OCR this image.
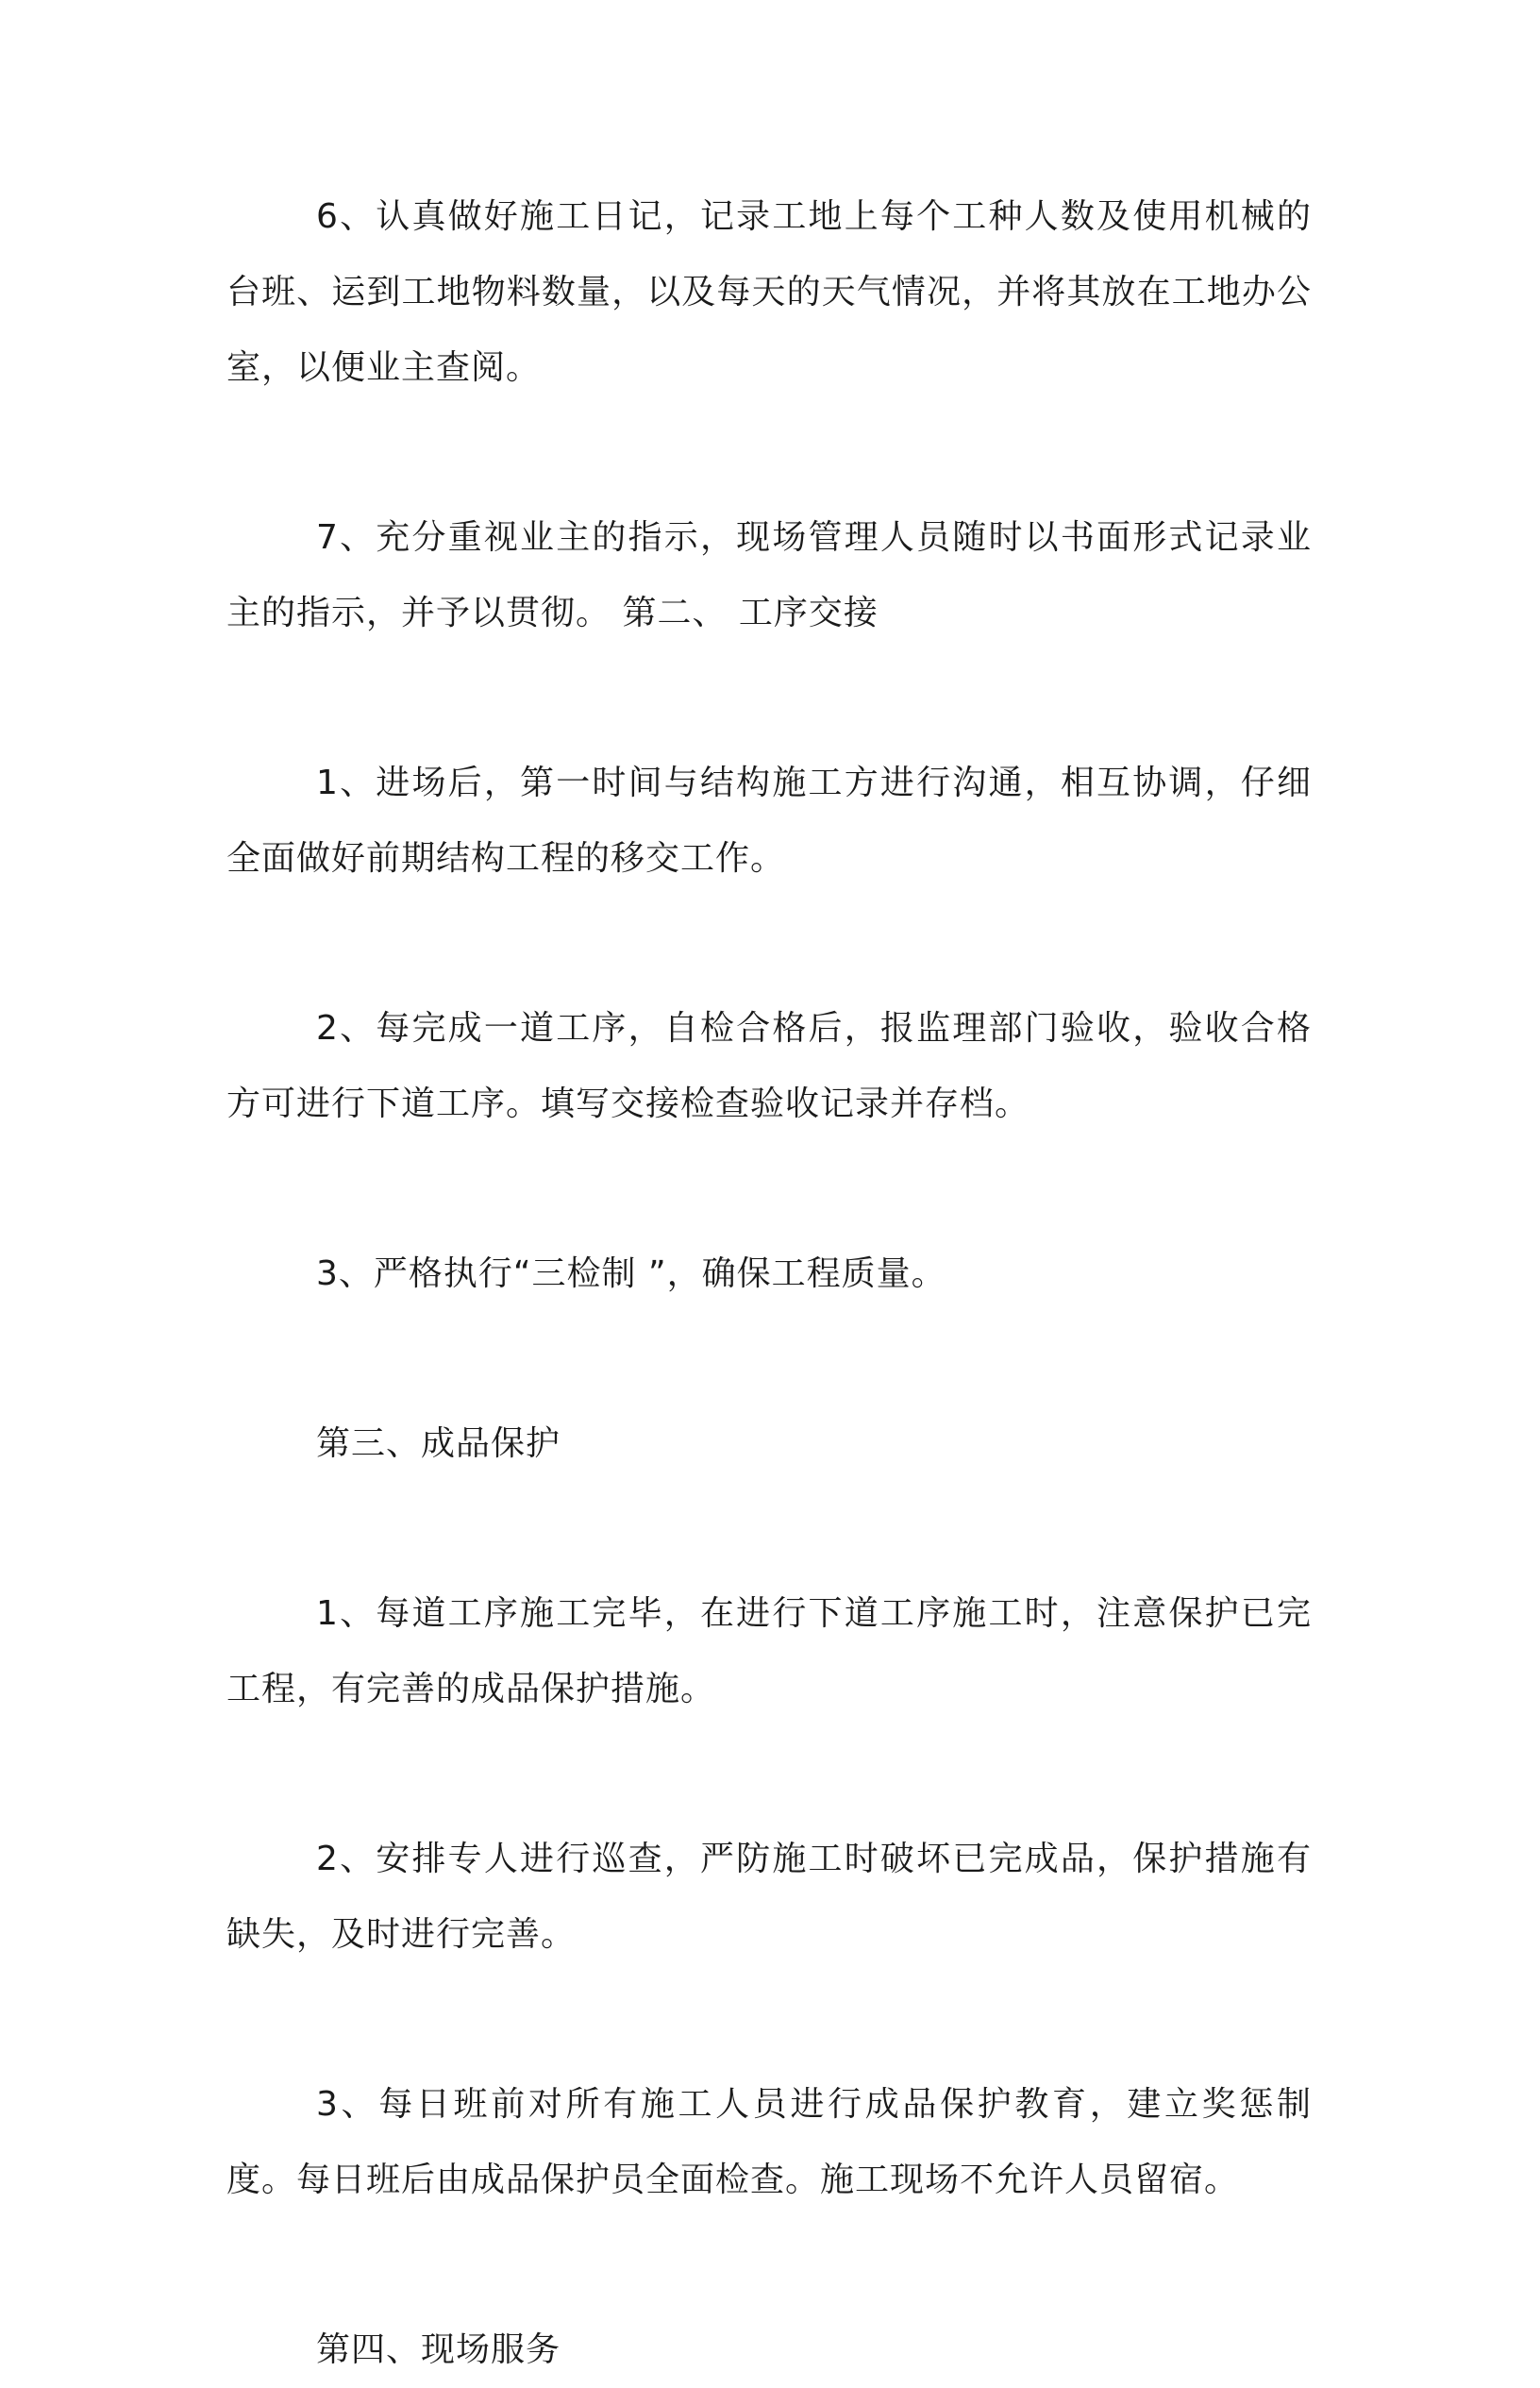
6、认真做好施工日记，记录工地上每个工种人数及使用机械的台班、运到工地物料数量，以及每天的天气情况，并将其放在工地办公室，以便业主查阅。

7、充分重视业主的指示，现场管理人员随时以书面形式记录业主的指示，并予以贯彻。 第二、 工序交接

1、进场后，第一时间与结构施工方进行沟通，相互协调，仔细全面做好前期结构工程的移交工作。

2、每完成一道工序，自检合格后，报监理部门验收，验收合格方可进行下道工序。填写交接检查验收记录并存档。

3、严格执行“三检制 ”，确保工程质量。

第三、成品保护

1、每道工序施工完毕，在进行下道工序施工时，注意保护已完工程，有完善的成品保护措施。

2、安排专人进行巡查，严防施工时破坏已完成品，保护措施有缺失，及时进行完善。

3、每日班前对所有施工人员进行成品保护教育，建立奖惩制度。每日班后由成品保护员全面检查。施工现场不允许人员留宿。

第四、现场服务
